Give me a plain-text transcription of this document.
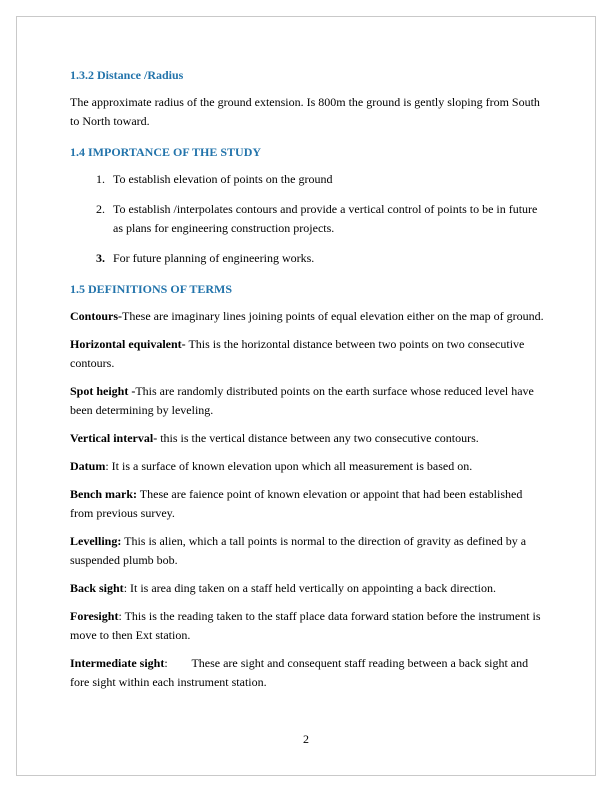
1.3.2 Distance /Radius

The approximate radius of the ground extension. Is 800m the ground is gently sloping from South to North toward.

1.4 IMPORTANCE OF THE STUDY
1. To establish elevation of points on the ground
2. To establish /interpolates contours and provide a vertical control of points to be in future as plans for engineering construction projects.
3. For future planning of engineering works.
1.5 DEFINITIONS OF TERMS

Contours-These are imaginary lines joining points of equal elevation either on the map of ground.

Horizontal equivalent- This is the horizontal distance between two points on two consecutive contours.

Spot height -This are randomly distributed points on the earth surface whose reduced level have been determining by leveling.

Vertical interval- this is the vertical distance between any two consecutive contours.

Datum: It is a surface of known elevation upon which all measurement is based on.

Bench mark: These are faience point of known elevation or appoint that had been established from previous survey.

Levelling: This is alien, which a tall points is normal to the direction of gravity as defined by a suspended plumb bob.

Back sight: It is area ding taken on a staff held vertically on appointing a back direction.

Foresight: This is the reading taken to the staff place data forward station before the instrument is move to then Ext station.

Intermediate sight:        These are sight and consequent staff reading between a back sight and fore sight within each instrument station.

2
